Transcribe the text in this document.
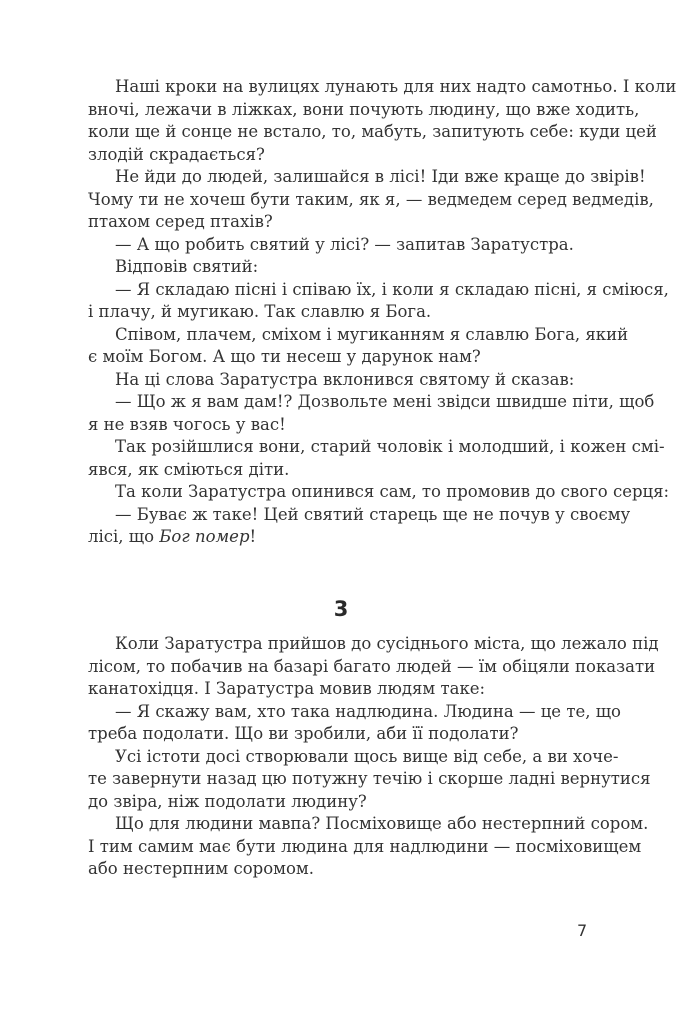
Наші кроки на вулицях лунають для них надто самотньо. І коли
вночі, лежачи в ліжках, вони почують людину, що вже ходить,
коли ще й сонце не встало, то, мабуть, запитують себе: куди цей
злодій скрадається?
Не йди до людей, залишайся в лісі! Іди вже краще до звірів!
Чому ти не хочеш бути таким, як я, — ведмедем серед ведмедів,
птахом серед птахів?
— А що робить святий у лісі? — запитав Заратустра.
Відповів святий:
— Я складаю пісні і співаю їх, і коли я складаю пісні, я сміюся,
і плачу, й мугикаю. Так славлю я Бога.
Співом, плачем, сміхом і мугиканням я славлю Бога, який
є моїм Богом. А що ти несеш у дарунок нам?
На ці слова Заратустра вклонився святому й сказав:
— Що ж я вам дам!? Дозвольте мені звідси швидше піти, щоб
я не взяв чогось у вас!
Так розійшлися вони, старий чоловік і молодший, і кожен смі-
явся, як сміються діти.
Та коли Заратустра опинився сам, то промовив до свого серця:
— Буває ж таке! Цей святий старець ще не почув у своєму
лісі, що Бог помер!
3
Коли Заратустра прийшов до сусіднього міста, що лежало під
лісом, то побачив на базарі багато людей — їм обіцяли показати
канатохідця. І Заратустра мовив людям таке:
— Я скажу вам, хто така надлюдина. Людина — це те, що
треба подолати. Що ви зробили, аби її подолати?
Усі істоти досі створювали щось вище від себе, а ви хоче-
те завернути назад цю потужну течію і скорше ладні вернутися
до звіра, ніж подолати людину?
Що для людини мавпа? Посміховище або нестерпний сором.
І тим самим має бути людина для надлюдини — посміховищем
або нестерпним соромом.
7
